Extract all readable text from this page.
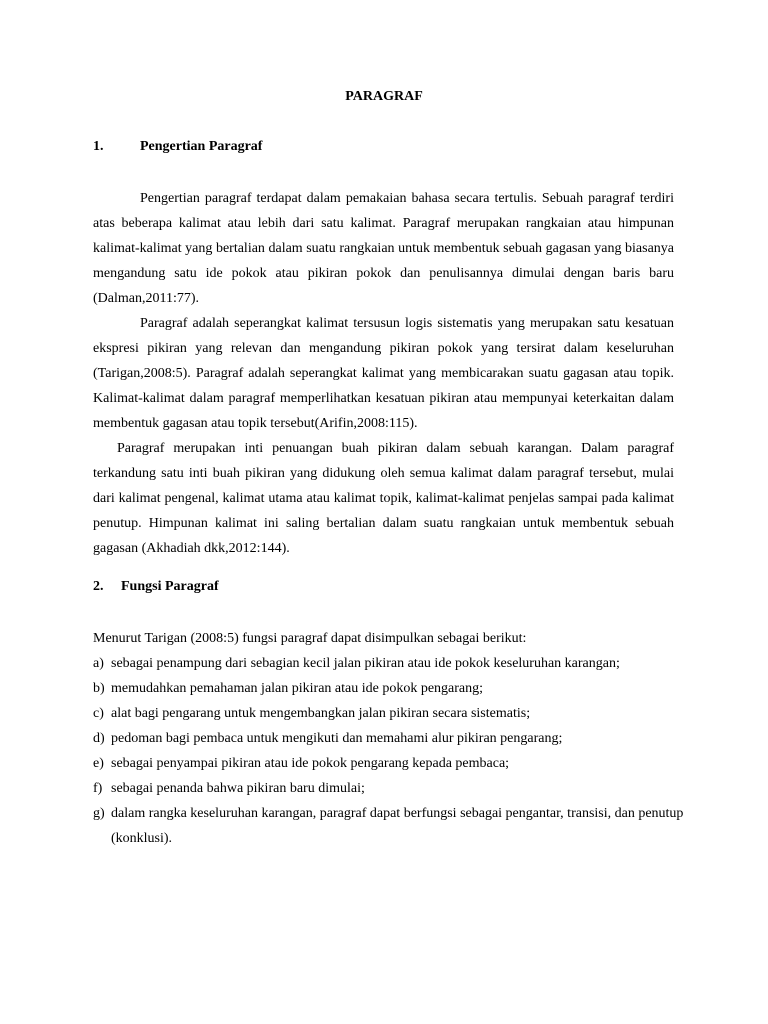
PARAGRAF
1.	Pengertian Paragraf

Pengertian paragraf terdapat dalam pemakaian bahasa secara tertulis. Sebuah paragraf terdiri atas beberapa kalimat atau lebih dari satu kalimat. Paragraf merupakan rangkaian atau himpunan kalimat-kalimat yang bertalian dalam suatu rangkaian untuk membentuk sebuah gagasan yang biasanya mengandung satu ide pokok atau pikiran pokok dan penulisannya dimulai dengan baris baru (Dalman,2011:77).

Paragraf adalah seperangkat kalimat tersusun logis sistematis yang merupakan satu kesatuan ekspresi pikiran yang relevan dan mengandung pikiran pokok yang tersirat dalam keseluruhan (Tarigan,2008:5). Paragraf adalah seperangkat kalimat yang membicarakan suatu gagasan atau topik. Kalimat-kalimat dalam paragraf memperlihatkan kesatuan pikiran atau mempunyai keterkaitan dalam membentuk gagasan atau topik tersebut(Arifin,2008:115).

Paragraf merupakan inti penuangan buah pikiran dalam sebuah karangan. Dalam paragraf terkandung satu inti buah pikiran yang didukung oleh semua kalimat dalam paragraf tersebut, mulai dari kalimat pengenal, kalimat utama atau kalimat topik, kalimat-kalimat penjelas sampai pada kalimat penutup. Himpunan kalimat ini saling bertalian dalam suatu rangkaian untuk membentuk sebuah gagasan (Akhadiah dkk,2012:144).

2. Fungsi Paragraf
Menurut Tarigan (2008:5) fungsi paragraf dapat disimpulkan sebagai berikut:
a) sebagai penampung dari sebagian kecil jalan pikiran atau ide pokok keseluruhan karangan;
b) memudahkan pemahaman jalan pikiran atau ide pokok pengarang;
c) alat bagi pengarang untuk mengembangkan jalan pikiran secara sistematis;
d) pedoman bagi pembaca untuk mengikuti dan memahami alur pikiran pengarang;
e) sebagai penyampai pikiran atau ide pokok pengarang kepada pembaca;
f) sebagai penanda bahwa pikiran baru dimulai;
g) dalam rangka keseluruhan karangan, paragraf dapat berfungsi sebagai pengantar, transisi, dan penutup (konklusi).
